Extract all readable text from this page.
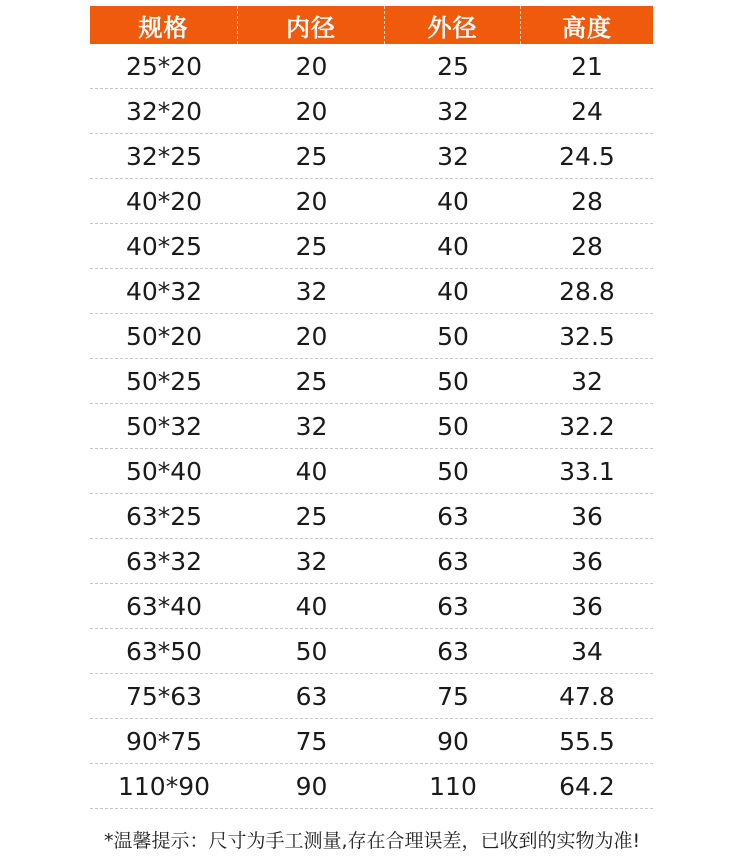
规格	内径	外径	高度
25*20	20	25	21
32*20	20	32	24
32*25	25	32	24.5
40*20	20	40	28
40*25	25	40	28
40*32	32	40	28.8
50*20	20	50	32.5
50*25	25	50	32
50*32	32	50	32.2
50*40	40	50	33.1
63*25	25	63	36
63*32	32	63	36
63*40	40	63	36
63*50	50	63	34
75*63	63	75	47.8
90*75	75	90	55.5
110*90	90	110	64.2
*温馨提示：尺寸为手工测量,存在合理误差，已收到的实物为准!
